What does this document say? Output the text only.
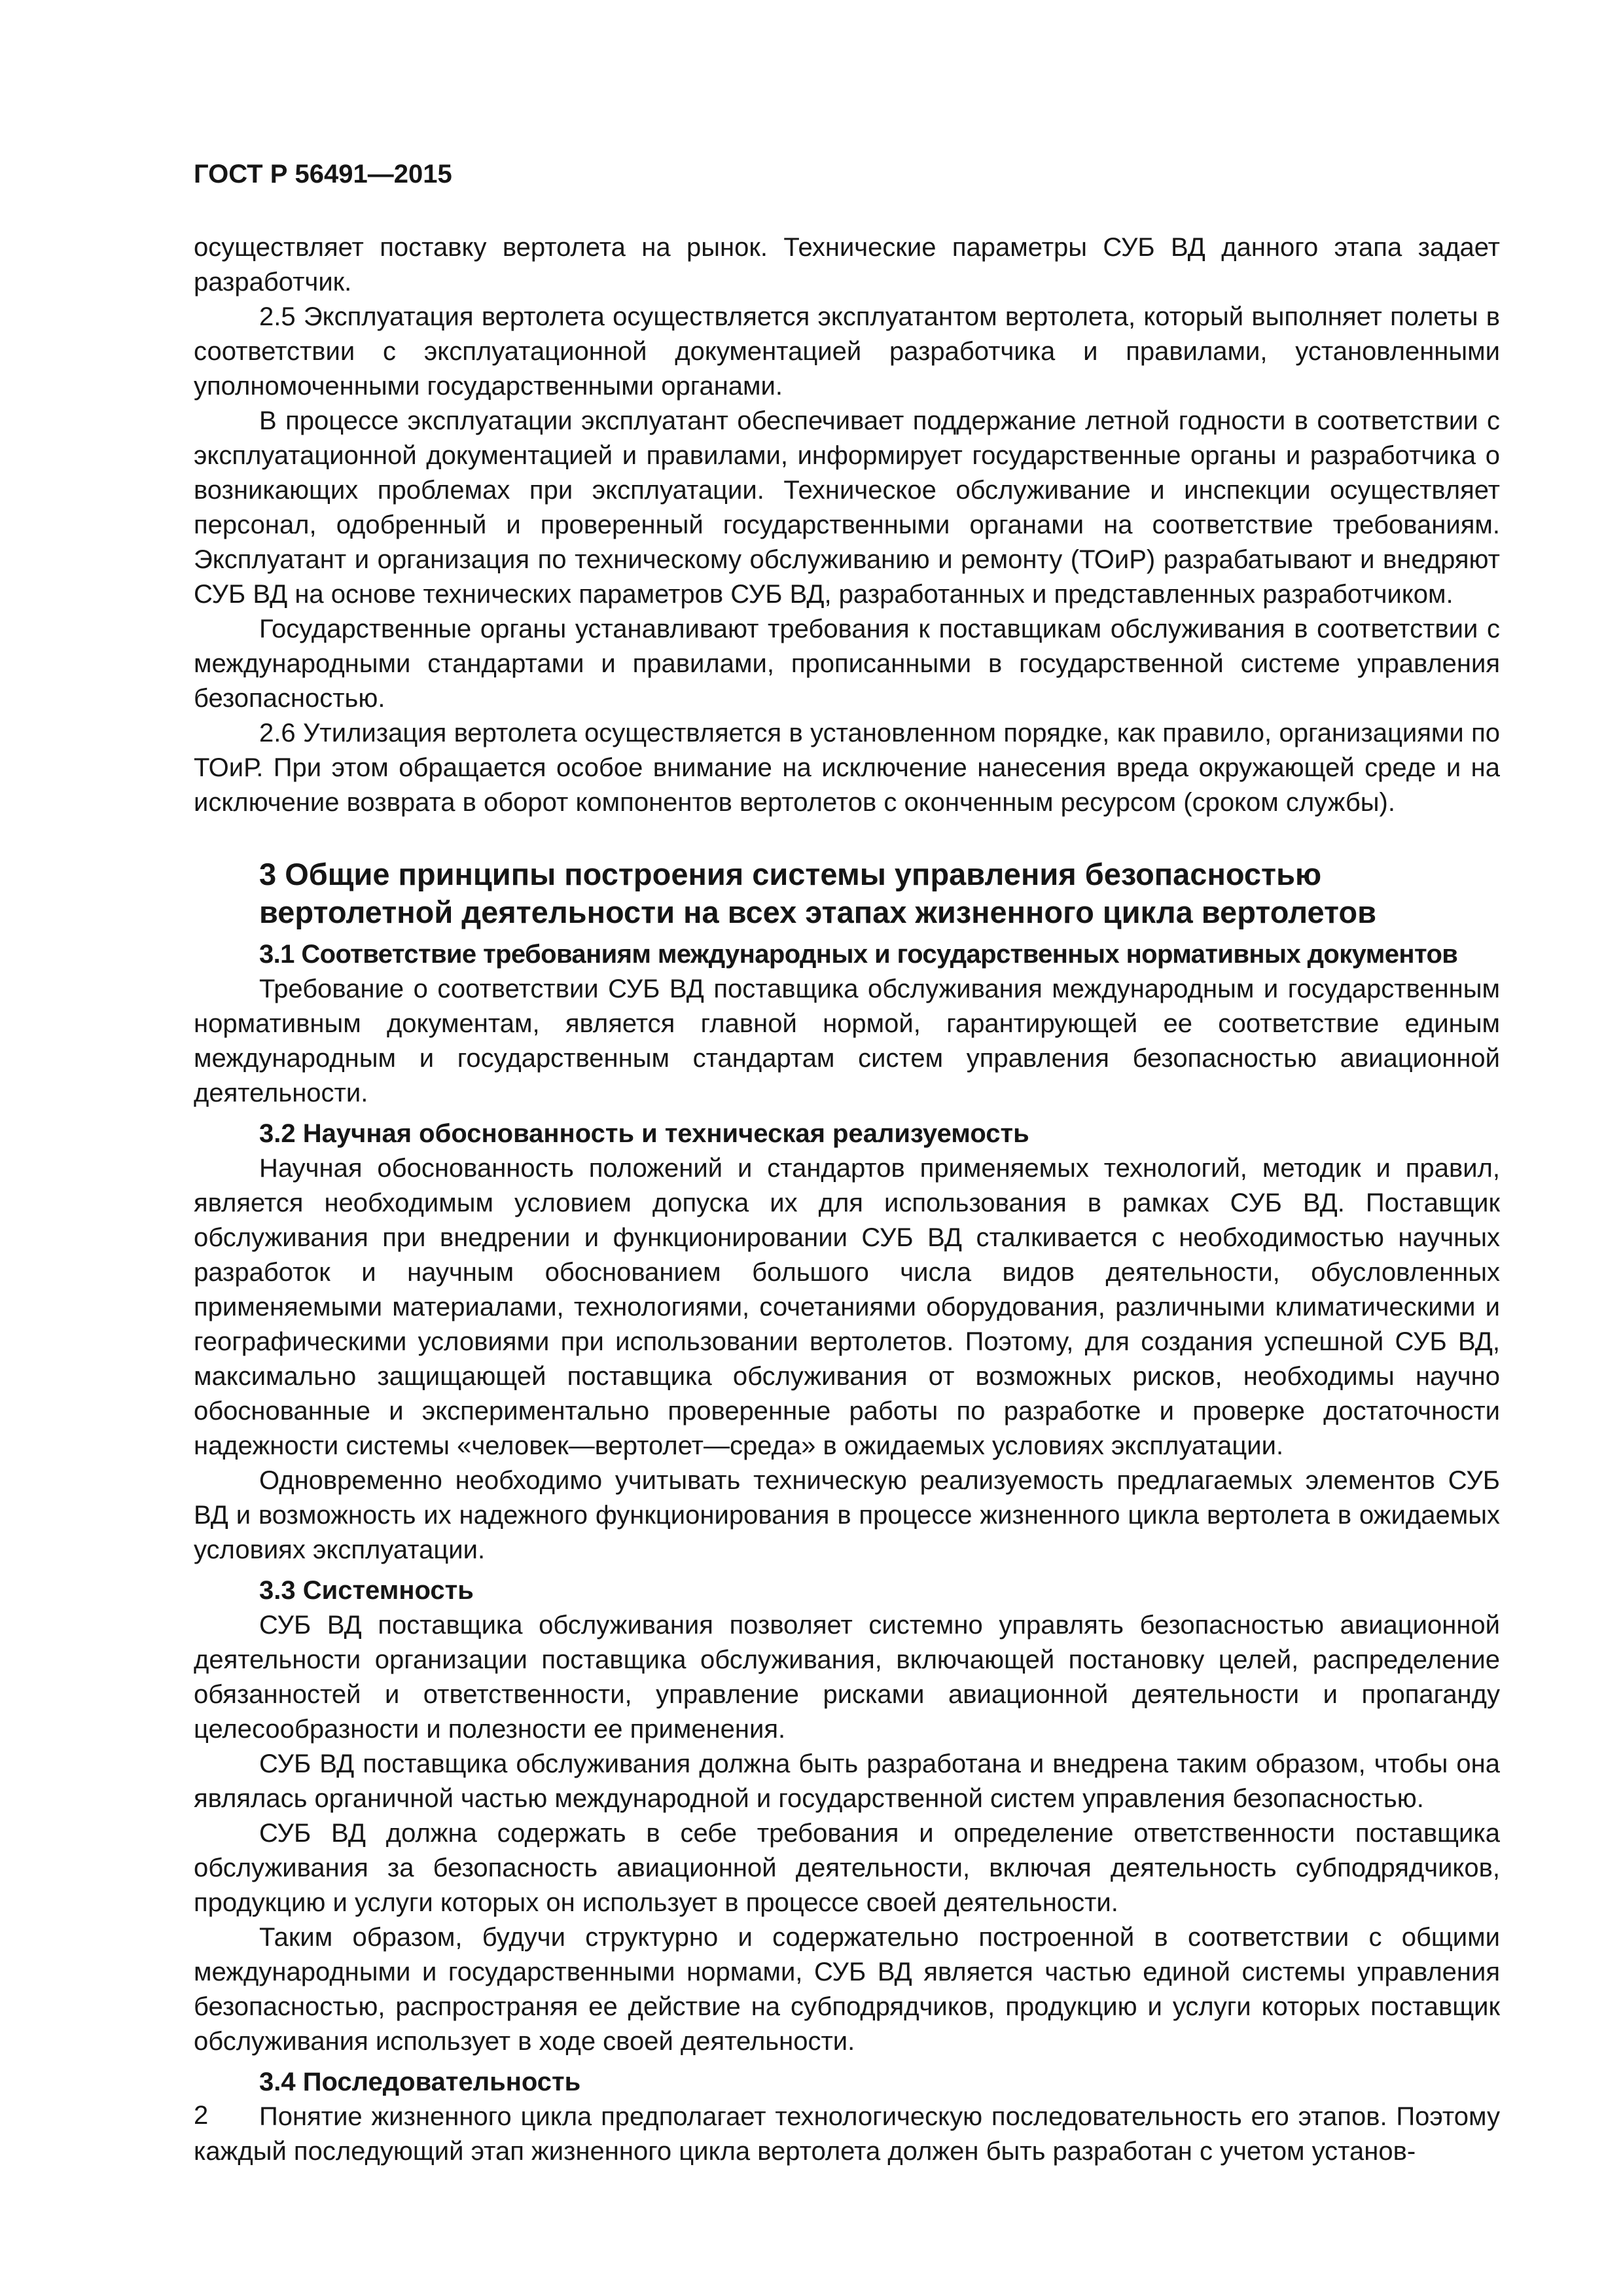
ГОСТ Р 56491—2015

осуществляет поставку вертолета на рынок. Технические параметры СУБ ВД данного этапа задает разработчик.

2.5 Эксплуатация вертолета осуществляется эксплуатантом вертолета, который выполняет полеты в соответствии с эксплуатационной документацией разработчика и правилами, установленными уполномоченными государственными органами.

В процессе эксплуатации эксплуатант обеспечивает поддержание летной годности в соответствии с эксплуатационной документацией и правилами, информирует государственные органы и разработчика о возникающих проблемах при эксплуатации. Техническое обслуживание и инспекции осуществляет персонал, одобренный и проверенный государственными органами на соответствие требованиям. Эксплуатант и организация по техническому обслуживанию и ремонту (ТОиР) разрабатывают и внедряют СУБ ВД на основе технических параметров СУБ ВД, разработанных и представленных разработчиком.

Государственные органы устанавливают требования к поставщикам обслуживания в соответствии с международными стандартами и правилами, прописанными в государственной системе управления безопасностью.

2.6 Утилизация вертолета осуществляется в установленном порядке, как правило, организациями по ТОиР. При этом обращается особое внимание на исключение нанесения вреда окружающей среде и на исключение возврата в оборот компонентов вертолетов с оконченным ресурсом (сроком службы).

3 Общие принципы построения системы управления безопасностью вертолетной деятельности на всех этапах жизненного цикла вертолетов
3.1 Соответствие требованиям международных и государственных нормативных документов

Требование о соответствии СУБ ВД поставщика обслуживания международным и государственным нормативным документам, является главной нормой, гарантирующей ее соответствие единым международным и государственным стандартам систем управления безопасностью авиационной деятельности.

3.2 Научная обоснованность и техническая реализуемость

Научная обоснованность положений и стандартов применяемых технологий, методик и правил, является необходимым условием допуска их для использования в рамках СУБ ВД. Поставщик обслуживания при внедрении и функционировании СУБ ВД сталкивается с необходимостью научных разработок и научным обоснованием большого числа видов деятельности, обусловленных применяемыми материалами, технологиями, сочетаниями оборудования, различными климатическими и географическими условиями при использовании вертолетов. Поэтому, для создания успешной СУБ ВД, максимально защищающей поставщика обслуживания от возможных рисков, необходимы научно обоснованные и экспериментально проверенные работы по разработке и проверке достаточности надежности системы «человек—вертолет—среда» в ожидаемых условиях эксплуатации.

Одновременно необходимо учитывать техническую реализуемость предлагаемых элементов СУБ ВД и возможность их надежного функционирования в процессе жизненного цикла вертолета в ожидаемых условиях эксплуатации.

3.3 Системность

СУБ ВД поставщика обслуживания позволяет системно управлять безопасностью авиационной деятельности организации поставщика обслуживания, включающей постановку целей, распределение обязанностей и ответственности, управление рисками авиационной деятельности и пропаганду целесообразности и полезности ее применения.

СУБ ВД поставщика обслуживания должна быть разработана и внедрена таким образом, чтобы она являлась органичной частью международной и государственной систем управления безопасностью.

СУБ ВД должна содержать в себе требования и определение ответственности поставщика обслуживания за безопасность авиационной деятельности, включая деятельность субподрядчиков, продукцию и услуги которых он использует в процессе своей деятельности.

Таким образом, будучи структурно и содержательно построенной в соответствии с общими международными и государственными нормами, СУБ ВД является частью единой системы управления безопасностью, распространяя ее действие на субподрядчиков, продукцию и услуги которых поставщик обслуживания использует в ходе своей деятельности.

3.4 Последовательность

Понятие жизненного цикла предполагает технологическую последовательность его этапов. Поэтому каждый последующий этап жизненного цикла вертолета должен быть разработан с учетом установ-

2
